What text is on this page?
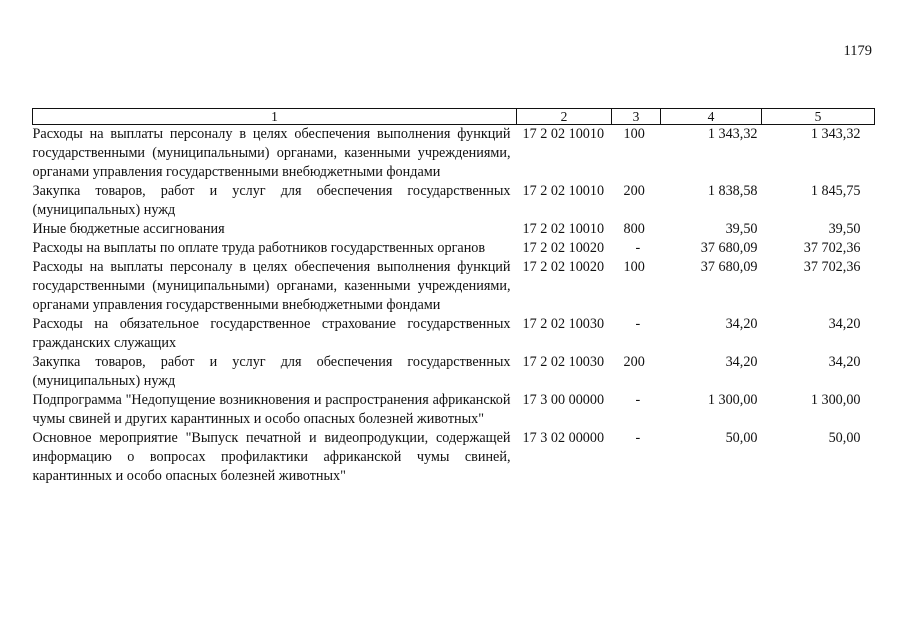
1179
1	2	3	4	5
Расходы на выплаты персоналу в целях обеспечения выполнения функций государственными (муниципальными) органами, казенными учреждениями, органами управления государственными внебюджетными фондами	17 2 02 10010	100	1 343,32	1 343,32
Закупка товаров, работ и услуг для обеспечения государственных (муниципальных) нужд	17 2 02 10010	200	1 838,58	1 845,75
Иные бюджетные ассигнования	17 2 02 10010	800	39,50	39,50
Расходы на выплаты по оплате труда работников государственных органов	17 2 02 10020	-	37 680,09	37 702,36
Расходы на выплаты персоналу в целях обеспечения выполнения функций государственными (муниципальными) органами, казенными учреждениями, органами управления государственными внебюджетными фондами	17 2 02 10020	100	37 680,09	37 702,36
Расходы на обязательное государственное страхование государственных гражданских служащих	17 2 02 10030	-	34,20	34,20
Закупка товаров, работ и услуг для обеспечения государственных (муниципальных) нужд	17 2 02 10030	200	34,20	34,20
Подпрограмма "Недопущение возникновения и распространения африканской чумы свиней и других карантинных и особо опасных болезней животных"	17 3 00 00000	-	1 300,00	1 300,00
Основное мероприятие "Выпуск печатной и видеопродукции, содержащей информацию о вопросах профилактики африканской чумы свиней, карантинных и особо опасных болезней животных"	17 3 02 00000	-	50,00	50,00
